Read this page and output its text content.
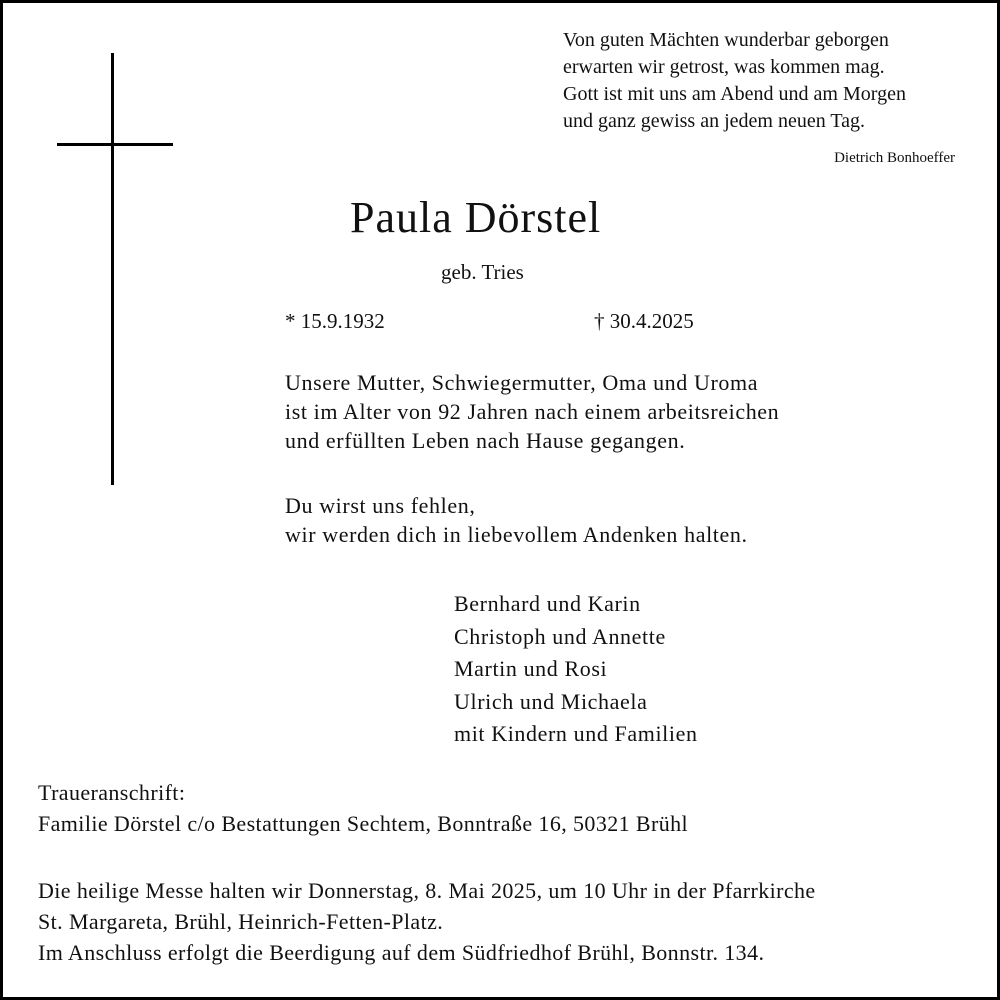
Von guten Mächten wunderbar geborgen
erwarten wir getrost, was kommen mag.
Gott ist mit uns am Abend und am Morgen
und ganz gewiss an jedem neuen Tag.
Dietrich Bonhoeffer
Paula Dörstel
geb. Tries
* 15.9.1932	† 30.4.2025
Unsere Mutter, Schwiegermutter, Oma und Uroma
ist im Alter von 92 Jahren nach einem arbeitsreichen
und erfüllten Leben nach Hause gegangen.
Du wirst uns fehlen,
wir werden dich in liebevollem Andenken halten.
Bernhard und Karin
Christoph und Annette
Martin und Rosi
Ulrich und Michaela
mit Kindern und Familien
Traueranschrift:
Familie Dörstel c/o Bestattungen Sechtem, Bonntraße 16, 50321 Brühl
Die heilige Messe halten wir Donnerstag, 8. Mai 2025, um 10 Uhr in der Pfarrkirche
St. Margareta, Brühl, Heinrich-Fetten-Platz.
Im Anschluss erfolgt die Beerdigung auf dem Südfriedhof Brühl, Bonnstr. 134.
